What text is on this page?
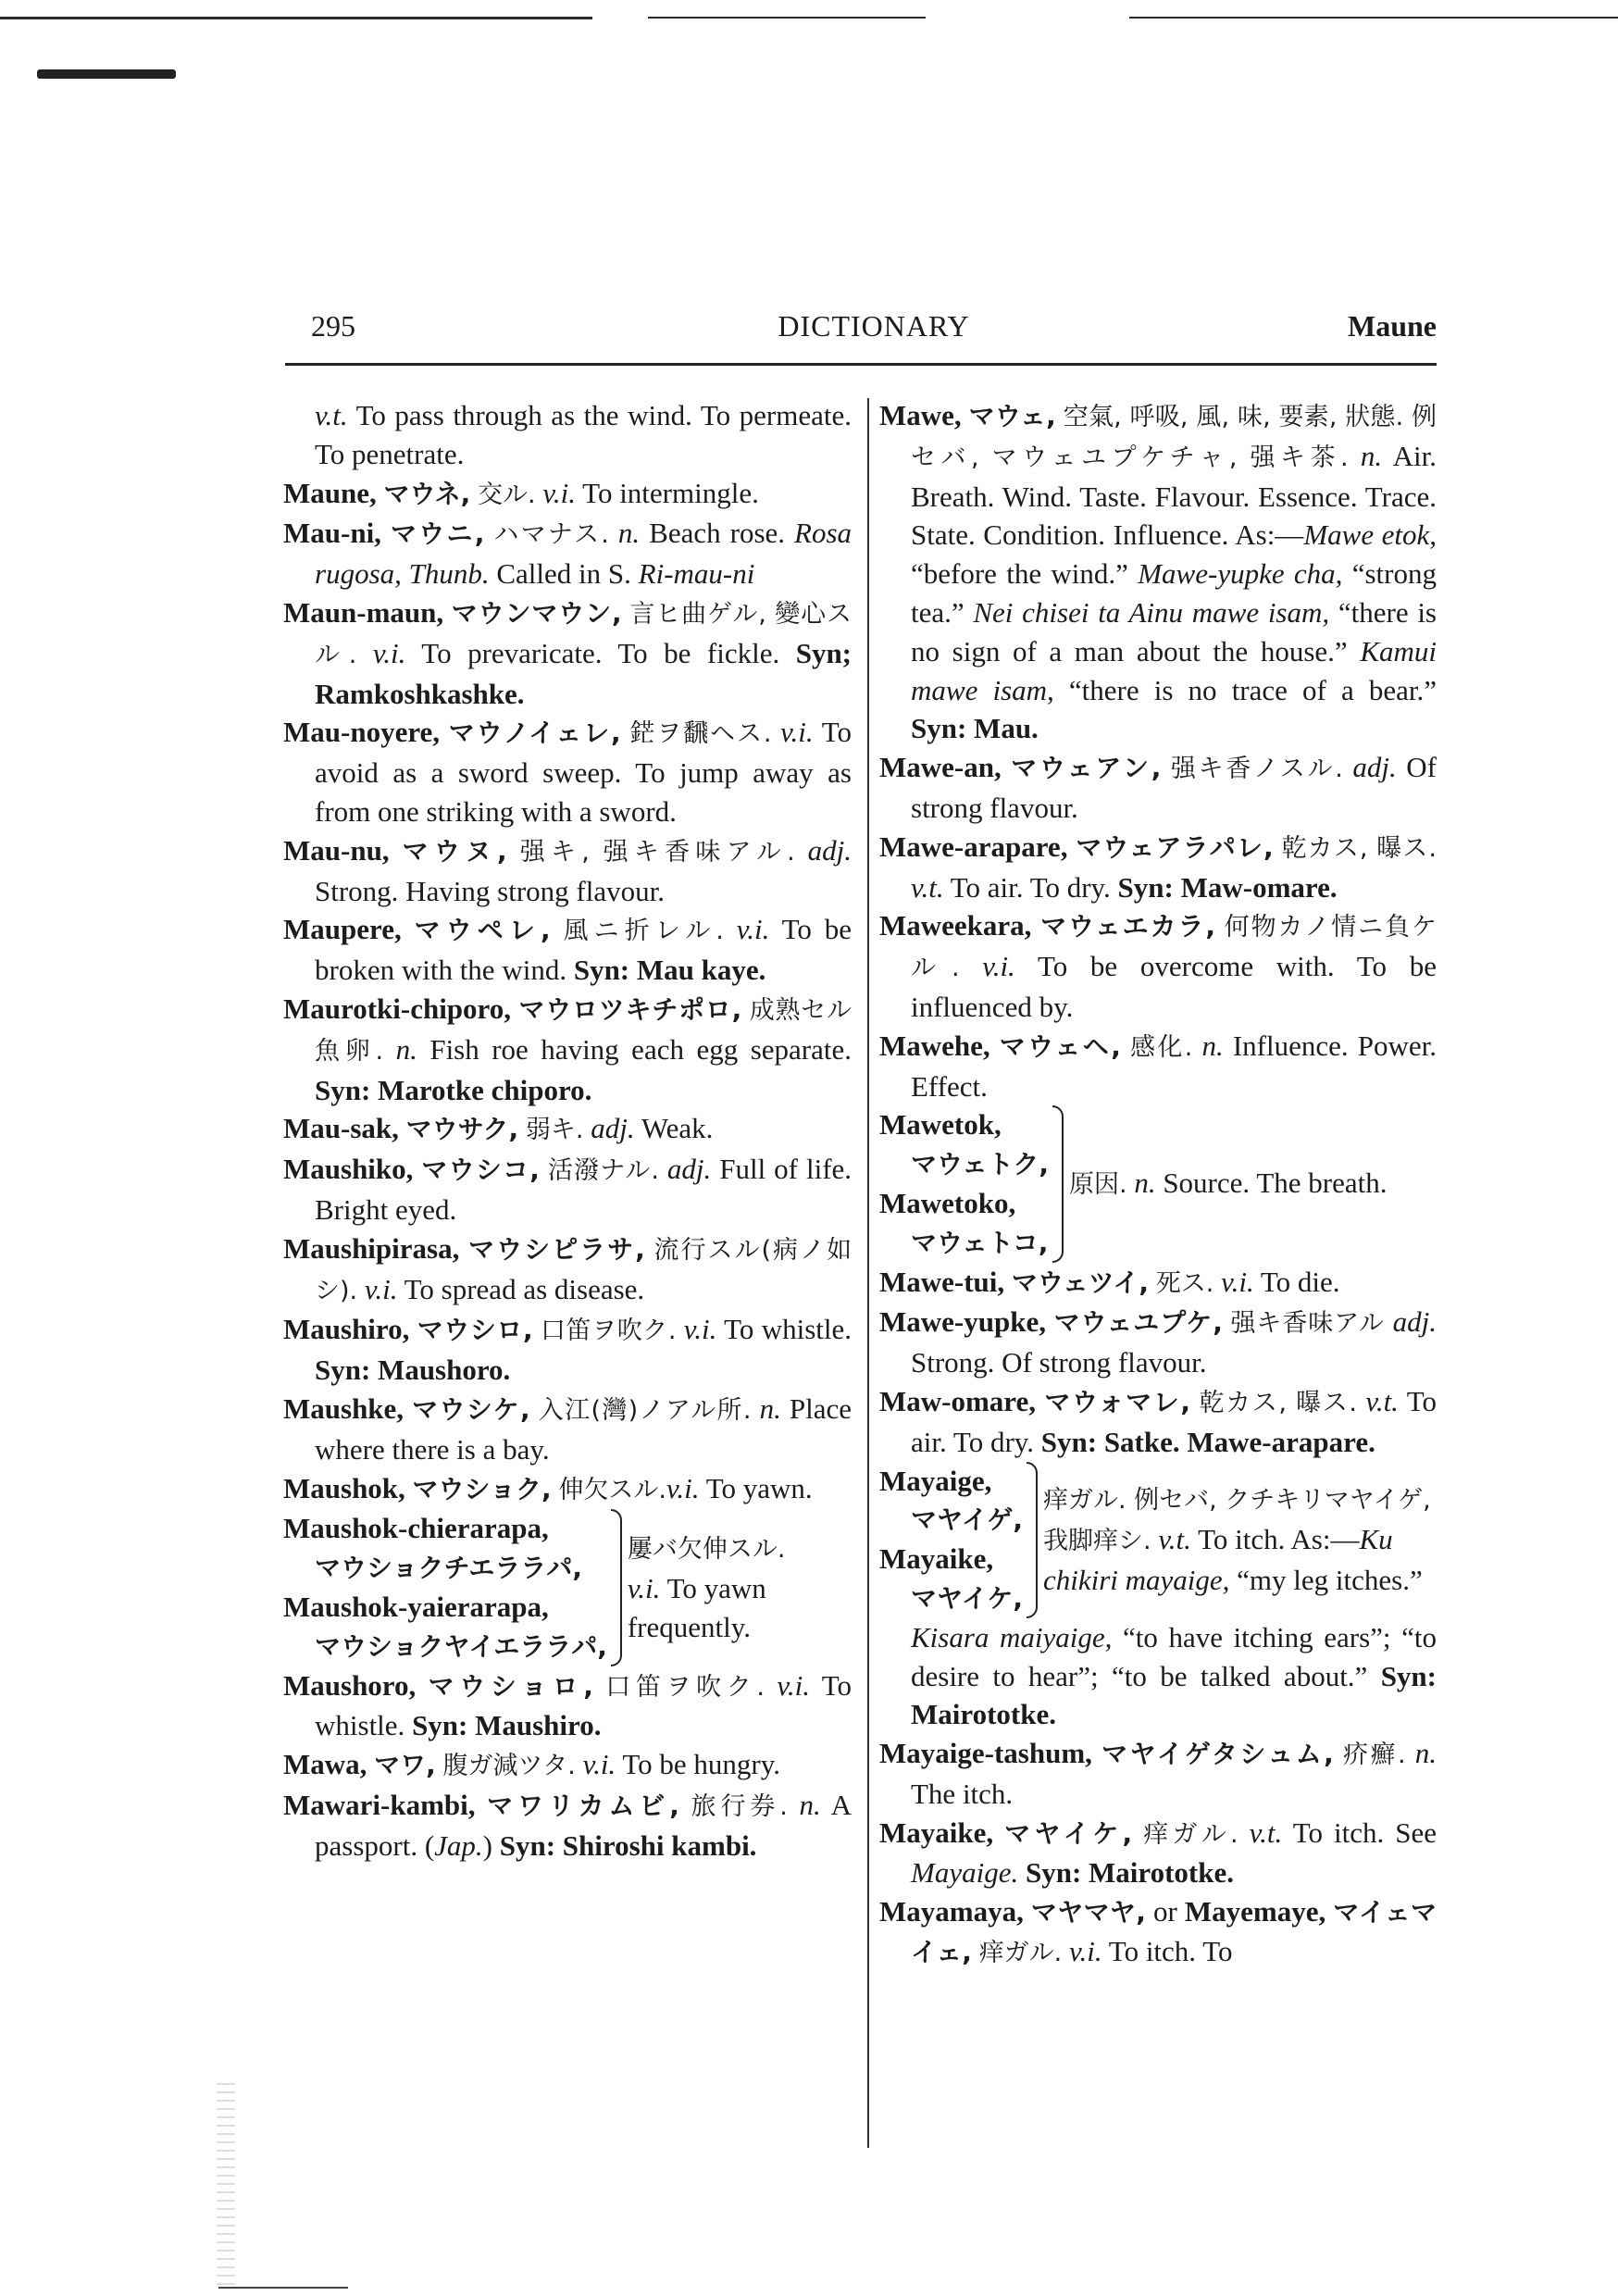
295	DICTIONARY	Maune
v.t. To pass through as the wind. To permeate. To penetrate.
Maune, マウネ, 交ル. v.i. To intermingle.
Mau-ni, マウニ, ハマナス. n. Beach rose. Rosa rugosa, Thunb. Called in S. Ri-mau-ni
Maun-maun, マウンマウン, 言ヒ曲ゲル, 變心スル. v.i. To prevaricate. To be fickle. Syn; Ramkoshkashke.
Mau-noyere, マウノイェレ, 鋩ヲ飜ヘス. v.i. To avoid as a sword sweep. To jump away as from one striking with a sword.
Mau-nu, マウヌ, 强キ, 强キ香味アル. adj. Strong. Having strong flavour.
Maupere, マウペレ, 風ニ折レル. v.i. To be broken with the wind. Syn: Mau kaye.
Maurotki-chiporo, マウロツキチポロ, 成熟セル魚卵. n. Fish roe having each egg separate. Syn: Marotke chiporo.
Mau-sak, マウサク, 弱キ. adj. Weak.
Maushiko, マウシコ, 活潑ナル. adj. Full of life. Bright eyed.
Maushipirasa, マウシピラサ, 流行スル(病ノ如シ). v.i. To spread as disease.
Maushiro, マウシロ, 口笛ヲ吹ク. v.i. To whistle. Syn: Maushoro.
Maushke, マウシケ, 入江(灣)ノアル所. n. Place where there is a bay.
Maushok, マウショク, 伸欠スル.v.i. To yawn.
Maushok-chierarapa,
マウショクチエララパ,
Maushok-yaierarapa,
マウショクヤイエララパ,
屢バ欠伸スル.
v.i. To yawn frequently.
Maushoro, マウショロ, 口笛ヲ吹ク. v.i. To whistle. Syn: Maushiro.
Mawa, マワ, 腹ガ減ツタ. v.i. To be hungry.
Mawari-kambi, マワリカムビ, 旅行券. n. A passport. (Jap.) Syn: Shiroshi kambi.
Mawe, マウェ, 空氣, 呼吸, 風, 味, 要素, 狀態. 例セバ, マウェユプケチャ, 强キ茶. n. Air. Breath. Wind. Taste. Flavour. Essence. Trace. State. Condition. Influence. As:—Mawe etok, “before the wind.” Mawe-yupke cha, “strong tea.” Nei chisei ta Ainu mawe isam, “there is no sign of a man about the house.” Kamui mawe isam, “there is no trace of a bear.” Syn: Mau.
Mawe-an, マウェアン, 强キ香ノスル. adj. Of strong flavour.
Mawe-arapare, マウェアラパレ, 乾カス, 曝ス. v.t. To air. To dry. Syn: Maw-omare.
Maweekara, マウェエカラ, 何物カノ情ニ負ケル. v.i. To be overcome with. To be influenced by.
Mawehe, マウェヘ, 感化. n. Influence. Power. Effect.
Mawetok,
マウェトク,
Mawetoko,
マウェトコ,
原因. n. Source. The breath.
Mawe-tui, マウェツイ, 死ス. v.i. To die.
Mawe-yupke, マウェユプケ, 强キ香味アル adj. Strong. Of strong flavour.
Maw-omare, マウォマレ, 乾カス, 曝ス. v.t. To air. To dry. Syn: Satke. Mawe-arapare.
Mayaige,
マヤイゲ,
Mayaike,
マヤイケ,
痒ガル. 例セバ, クチキリマヤイゲ, 我脚痒シ. v.t. To itch. As:—Ku chikiri mayaige, “my leg itches.”
Kisara maiyaige, “to have itching ears”; “to desire to hear”; “to be talked about.” Syn: Mairototke.
Mayaige-tashum, マヤイゲタシュム, 疥癬. n. The itch.
Mayaike, マヤイケ, 痒ガル. v.t. To itch. See Mayaige. Syn: Mairototke.
Mayamaya, マヤマヤ, or Mayemaye, マイェマイェ, 痒ガル. v.i. To itch. To
